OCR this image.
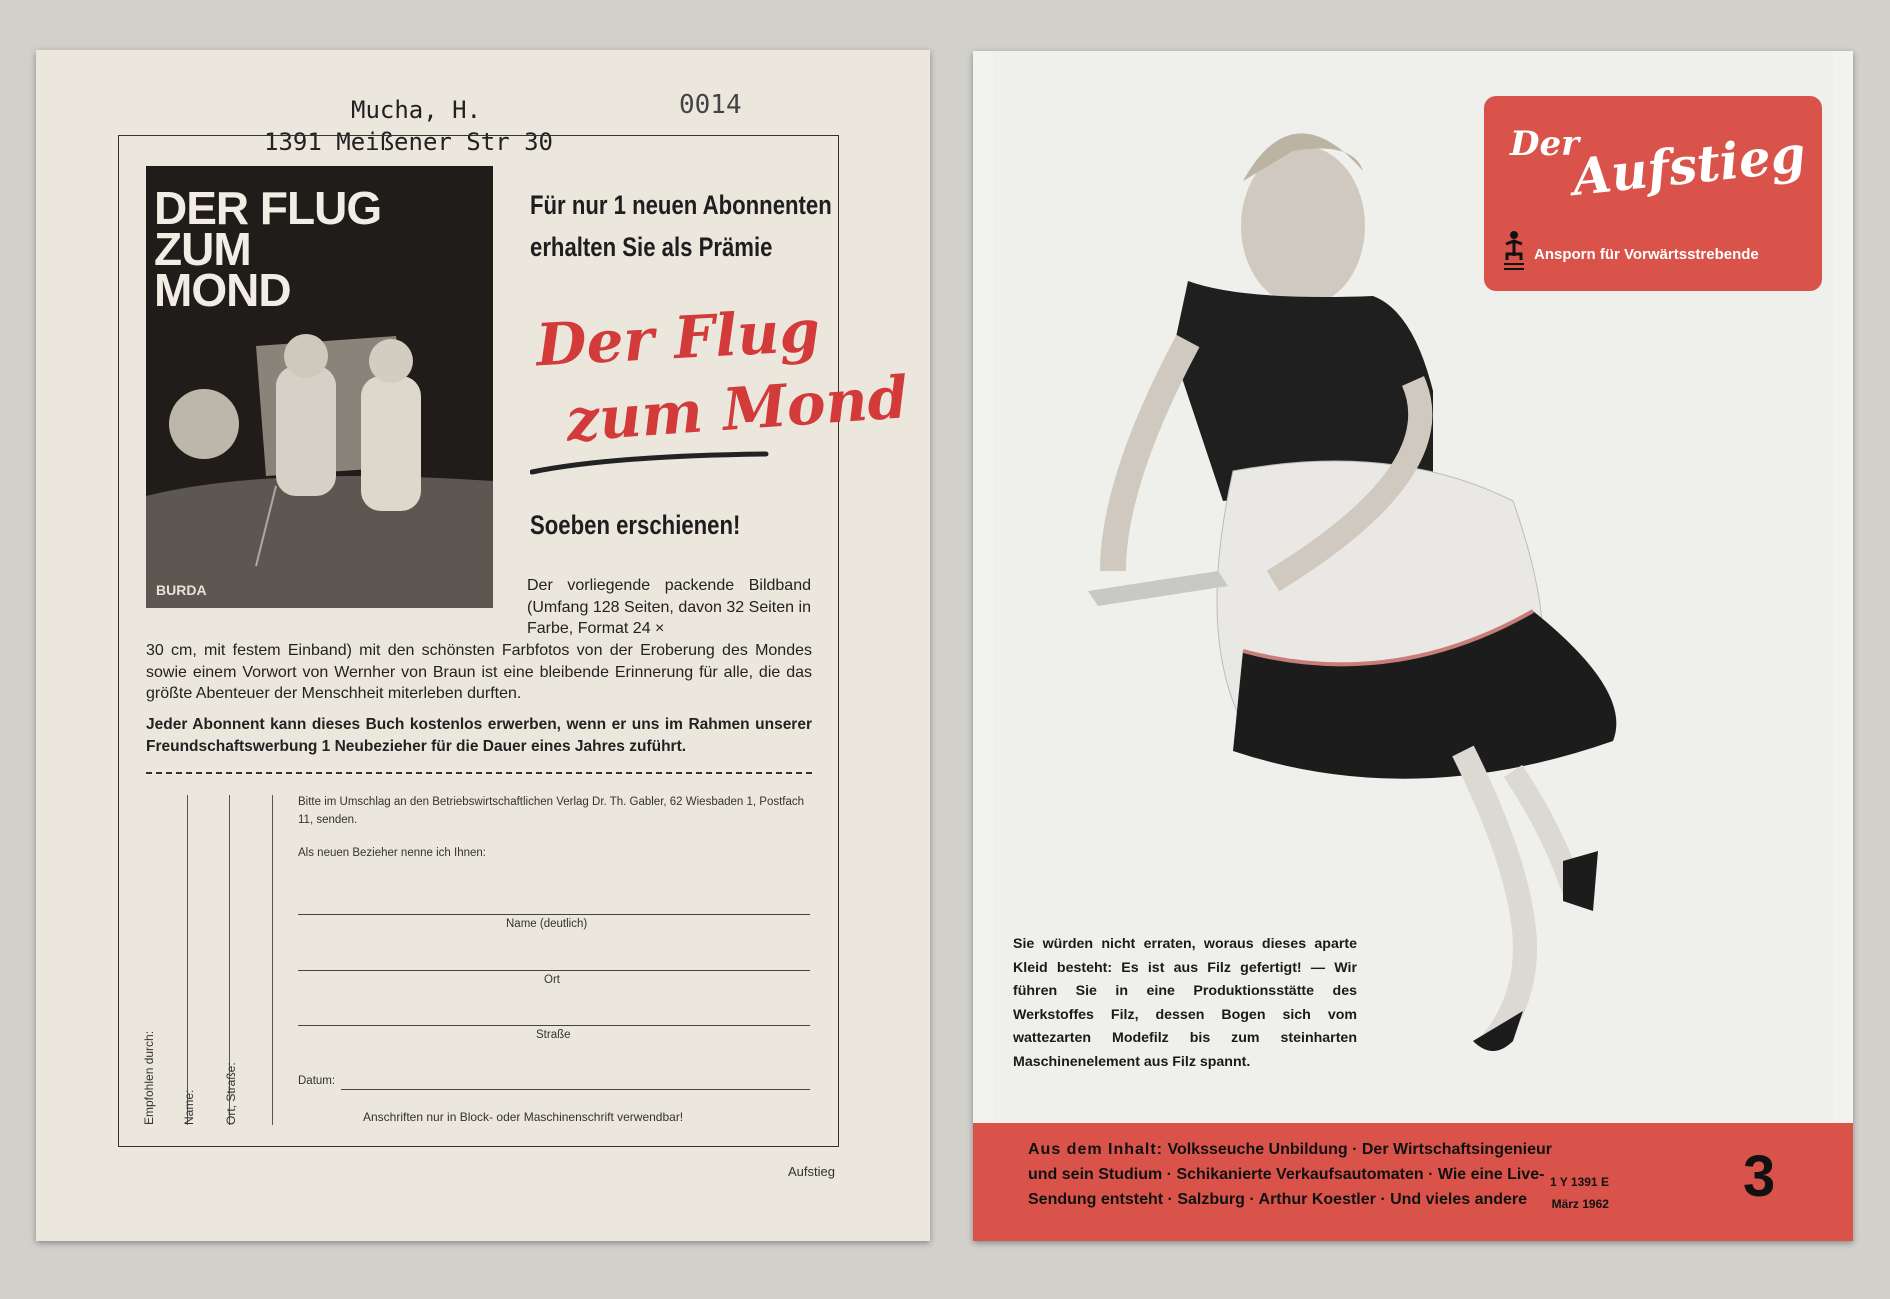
Mucha, H.
1391 Meißener Str 30
0014

DER FLUG
ZUM
MOND

BURDA
Für nur 1 neuen Abonnenten
erhalten Sie als Prämie
Der Flug
zum Mond
Soeben erschienen!

Der vorliegende packende Bildband (Umfang 128 Seiten, davon 32 Seiten in Farbe, Format 24 ×

30 cm, mit festem Einband) mit den schönsten Farbfotos von der Eroberung des Mondes sowie einem Vorwort von Wernher von Braun ist eine bleibende Erinnerung für alle, die das größte Abenteuer der Menschheit miterleben durften.

Jeder Abonnent kann dieses Buch kostenlos erwerben, wenn er uns im Rahmen unserer Freundschaftswerbung 1 Neubezieher für die Dauer eines Jahres zuführt.

Empfohlen durch: Name: Ort, Straße:
Bitte im Umschlag an den Betriebswirtschaftlichen Verlag Dr. Th. Gabler, 62 Wiesbaden 1, Postfach 11, senden.
Als neuen Bezieher nenne ich Ihnen:
Name (deutlich)
Ort
Straße
Datum:
Anschriften nur in Block- oder Maschinenschrift verwendbar!
Aufstieg
Der
Aufstieg
Ansporn für Vorwärtsstrebende

Sie würden nicht erraten, woraus dieses aparte Kleid besteht: Es ist aus Filz gefertigt! — Wir führen Sie in eine Produktionsstätte des Werkstoffes Filz, dessen Bogen sich vom wattezarten Modefilz bis zum steinharten Maschinenelement aus Filz spannt.

Aus dem Inhalt: Volksseuche Unbildung · Der Wirtschaftsingenieur und sein Studium · Schikanierte Verkaufsautomaten · Wie eine Live-Sendung entsteht · Salzburg · Arthur Koestler · Und vieles andere

1 Y 1391 E
März 1962 3
